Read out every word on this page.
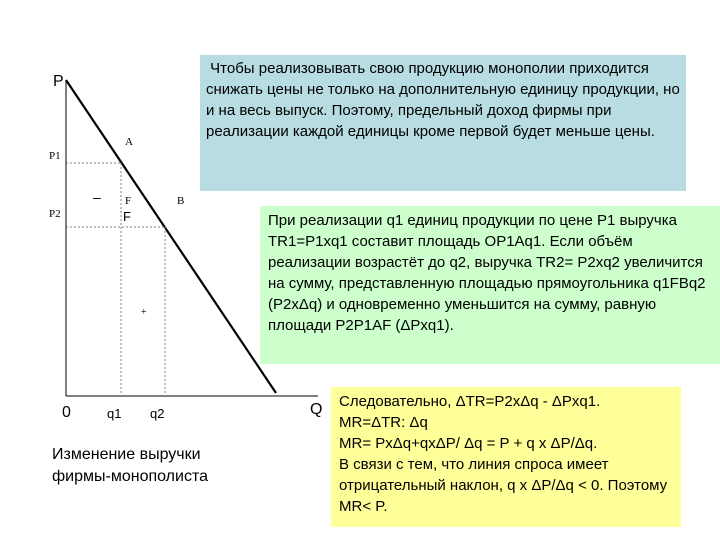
P
Q
0
P1
P2
q1 q2
A
B
F
F
–
+
Чтобы реализовывать свою продукцию монополии приходится снижать цены не только на дополнительную единицу продукции, но и на весь выпуск. Поэтому, предельный доход фирмы при реализации каждой единицы кроме первой будет меньше цены.
При реализации q1 единиц продукции по цене P1 выручка TR1=P1xq1 составит площадь OP1Aq1. Если объём реализации возрастёт до q2, выручка TR2= P2xq2 увеличится на сумму, представленную площадью прямоугольника q1FBq2 (P2xΔq) и одновременно уменьшится на сумму, равную площади P2P1AF (ΔPxq1).
Следовательно, ΔTR=P2xΔq - ΔPxq1.
MR=ΔTR: Δq
MR= PxΔq+qxΔP/ Δq = P + q x ΔP/Δq.
В связи с тем, что линия спроса имеет отрицательный наклон, q x ΔP/Δq < 0. Поэтому MR< P.
Изменение выручки фирмы-монополиста
